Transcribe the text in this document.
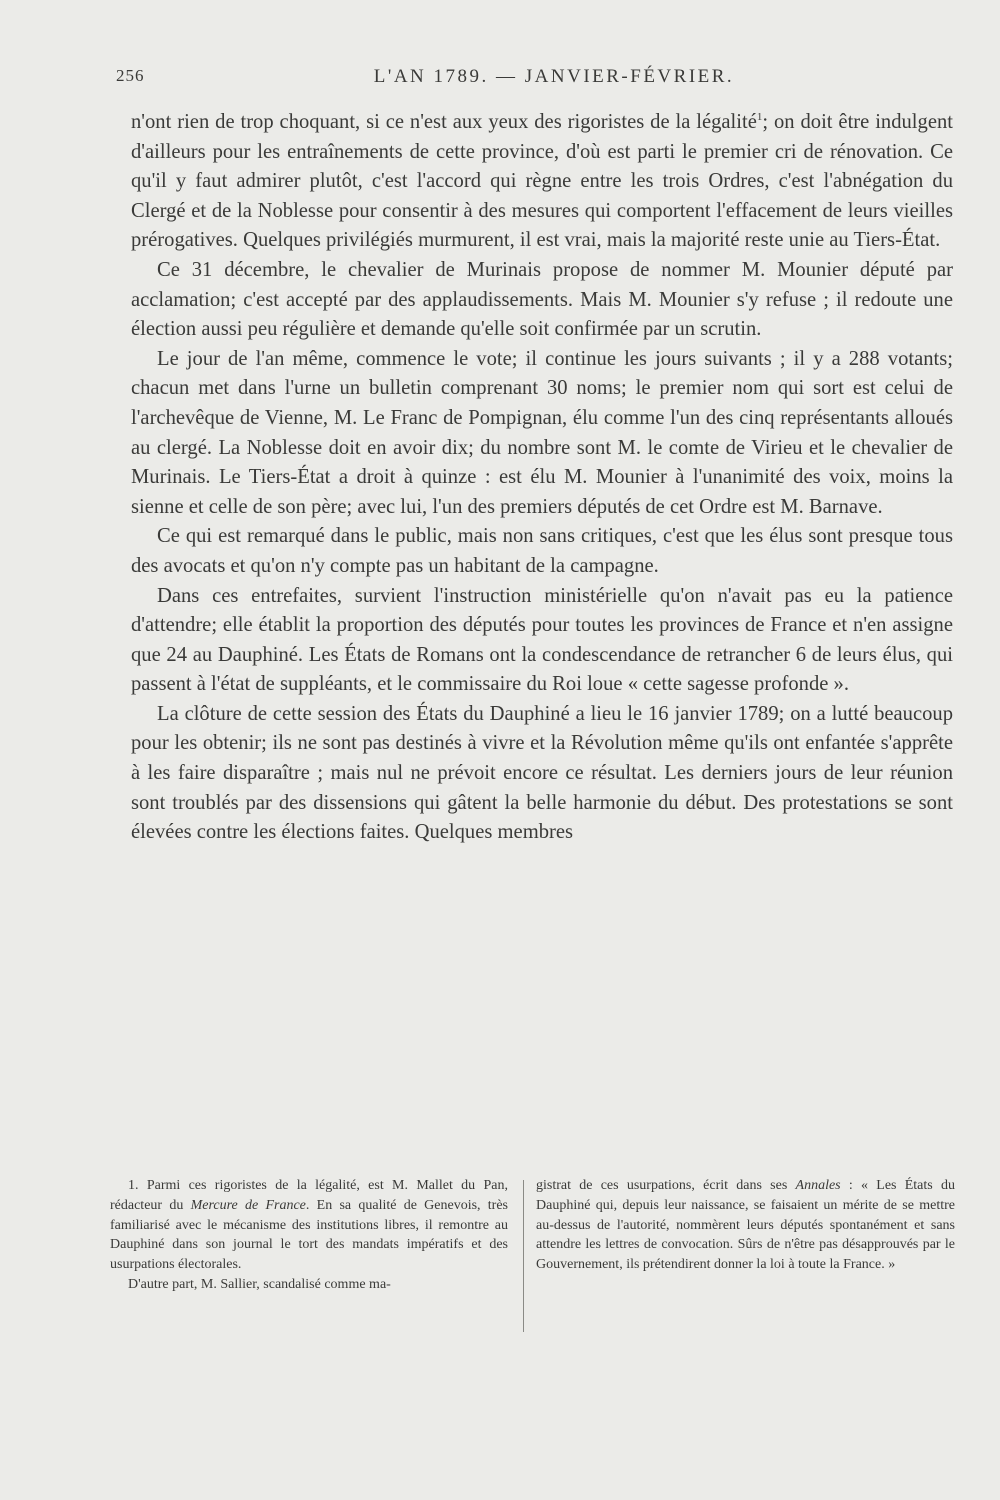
256	L'AN 1789. — JANVIER-FÉVRIER.

n'ont rien de trop choquant, si ce n'est aux yeux des rigoristes de la légalité$^1$; on doit être indulgent d'ailleurs pour les entraînements de cette province, d'où est parti le premier cri de rénovation. Ce qu'il y faut admirer plutôt, c'est l'accord qui règne entre les trois Ordres, c'est l'abnégation du Clergé et de la Noblesse pour consentir à des mesures qui comportent l'effacement de leurs vieilles prérogatives. Quelques privilégiés murmurent, il est vrai, mais la majorité reste unie au Tiers-État.

Ce 31 décembre, le chevalier de Murinais propose de nommer M. Mounier député par acclamation; c'est accepté par des applaudissements. Mais M. Mounier s'y refuse ; il redoute une élection aussi peu régulière et demande qu'elle soit confirmée par un scrutin.

Le jour de l'an même, commence le vote; il continue les jours suivants ; il y a 288 votants; chacun met dans l'urne un bulletin comprenant 30 noms; le premier nom qui sort est celui de l'archevêque de Vienne, M. Le Franc de Pompignan, élu comme l'un des cinq représentants alloués au clergé. La Noblesse doit en avoir dix; du nombre sont M. le comte de Virieu et le chevalier de Murinais. Le Tiers-État a droit à quinze : est élu M. Mounier à l'unanimité des voix, moins la sienne et celle de son père; avec lui, l'un des premiers députés de cet Ordre est M. Barnave.

Ce qui est remarqué dans le public, mais non sans critiques, c'est que les élus sont presque tous des avocats et qu'on n'y compte pas un habitant de la campagne.

Dans ces entrefaites, survient l'instruction ministérielle qu'on n'avait pas eu la patience d'attendre; elle établit la proportion des députés pour toutes les provinces de France et n'en assigne que 24 au Dauphiné. Les États de Romans ont la condescendance de retrancher 6 de leurs élus, qui passent à l'état de suppléants, et le commissaire du Roi loue « cette sagesse profonde ».

La clôture de cette session des États du Dauphiné a lieu le 16 janvier 1789; on a lutté beaucoup pour les obtenir; ils ne sont pas destinés à vivre et la Révolution même qu'ils ont enfantée s'apprête à les faire disparaître ; mais nul ne prévoit encore ce résultat. Les derniers jours de leur réunion sont troublés par des dissensions qui gâtent la belle harmonie du début. Des protestations se sont élevées contre les élections faites. Quelques membres

1. Parmi ces rigoristes de la légalité, est M. Mallet du Pan, rédacteur du Mercure de France. En sa qualité de Genevois, très familiarisé avec le mécanisme des institutions libres, il remontre au Dauphiné dans son journal le tort des mandats impératifs et des usurpations électorales.

D'autre part, M. Sallier, scandalisé comme ma-

gistrat de ces usurpations, écrit dans ses Annales : « Les États du Dauphiné qui, depuis leur naissance, se faisaient un mérite de se mettre au-dessus de l'autorité, nommèrent leurs députés spontanément et sans attendre les lettres de convocation. Sûrs de n'être pas désapprouvés par le Gouvernement, ils prétendirent donner la loi à toute la France. »
